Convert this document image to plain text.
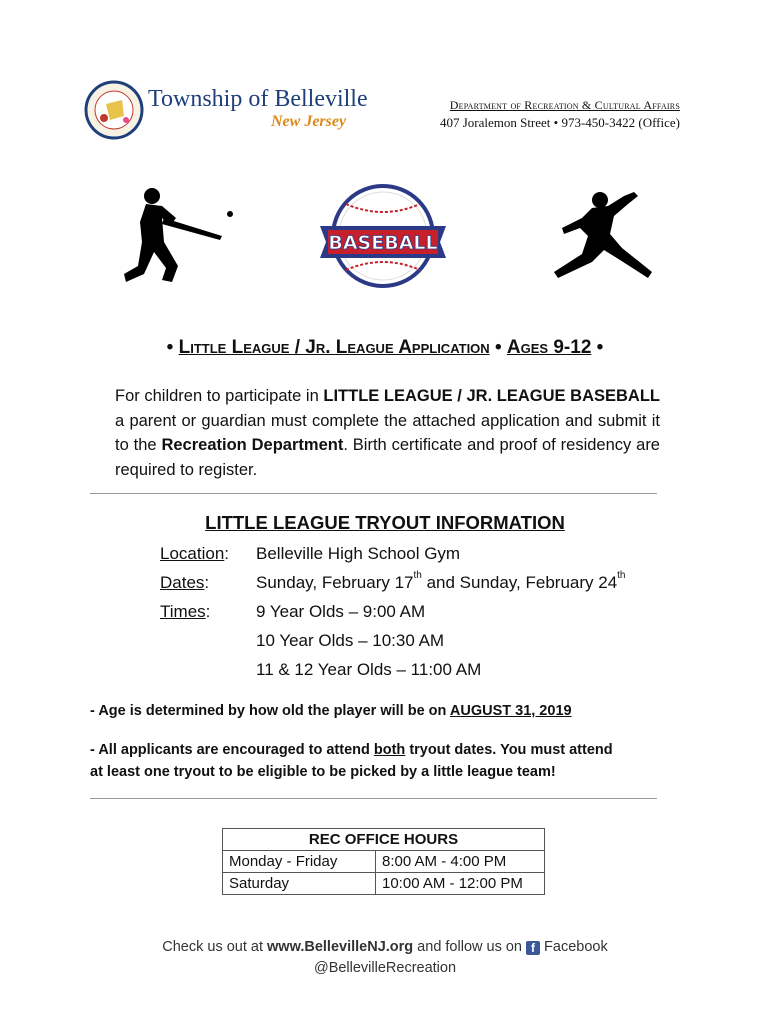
Township of Belleville
New Jersey
Department of Recreation & Cultural Affairs
407 Joralemon Street • 973-450-3422 (Office)
BASEBALL
• Little League / Jr. League Application • Ages 9-12 •
For children to participate in LITTLE LEAGUE / JR. LEAGUE BASEBALL a parent or guardian must complete the attached application and submit it to the Recreation Department. Birth certificate and proof of residency are required to register.
LITTLE LEAGUE TRYOUT INFORMATION
Location: Belleville High School Gym
Dates:	Sunday, February 17th and Sunday, February 24th
Times:	9 Year Olds – 9:00 AM
10 Year Olds – 10:30 AM
11 & 12 Year Olds – 11:00 AM
- Age is determined by how old the player will be on AUGUST 31, 2019
- All applicants are encouraged to attend both tryout dates. You must attend
at least one tryout to be eligible to be picked by a little league team!
REC OFFICE HOURS	
Monday - Friday	8:00 AM - 4:00 PM
Saturday	10:00 AM - 12:00 PM
Check us out at www.BellevilleNJ.org and follow us on f Facebook
@BellevilleRecreation
